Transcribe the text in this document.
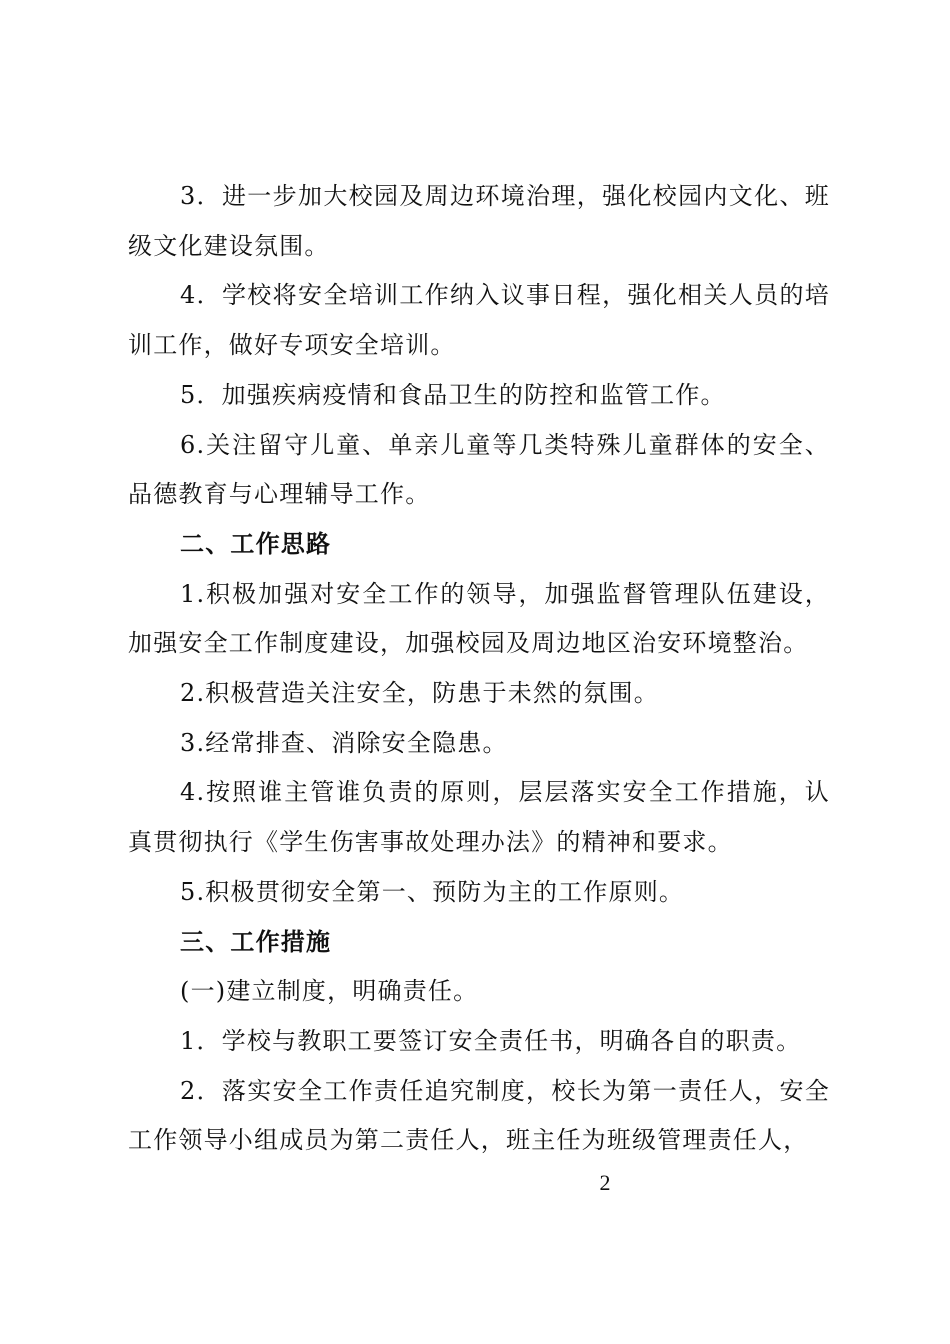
3．进一步加大校园及周边环境治理，强化校园内文化、班级文化建设氛围。

4．学校将安全培训工作纳入议事日程，强化相关人员的培训工作，做好专项安全培训。

5．加强疾病疫情和食品卫生的防控和监管工作。

6.关注留守儿童、单亲儿童等几类特殊儿童群体的安全、品德教育与心理辅导工作。

二、工作思路

1.积极加强对安全工作的领导，加强监督管理队伍建设，加强安全工作制度建设，加强校园及周边地区治安环境整治。

2.积极营造关注安全，防患于未然的氛围。

3.经常排查、消除安全隐患。

4.按照谁主管谁负责的原则，层层落实安全工作措施，认真贯彻执行《学生伤害事故处理办法》的精神和要求。

5.积极贯彻安全第一、预防为主的工作原则。

三、工作措施

(一)建立制度，明确责任。

1．学校与教职工要签订安全责任书，明确各自的职责。

2．落实安全工作责任追究制度，校长为第一责任人，安全工作领导小组成员为第二责任人，班主任为班级管理责任人，

2
